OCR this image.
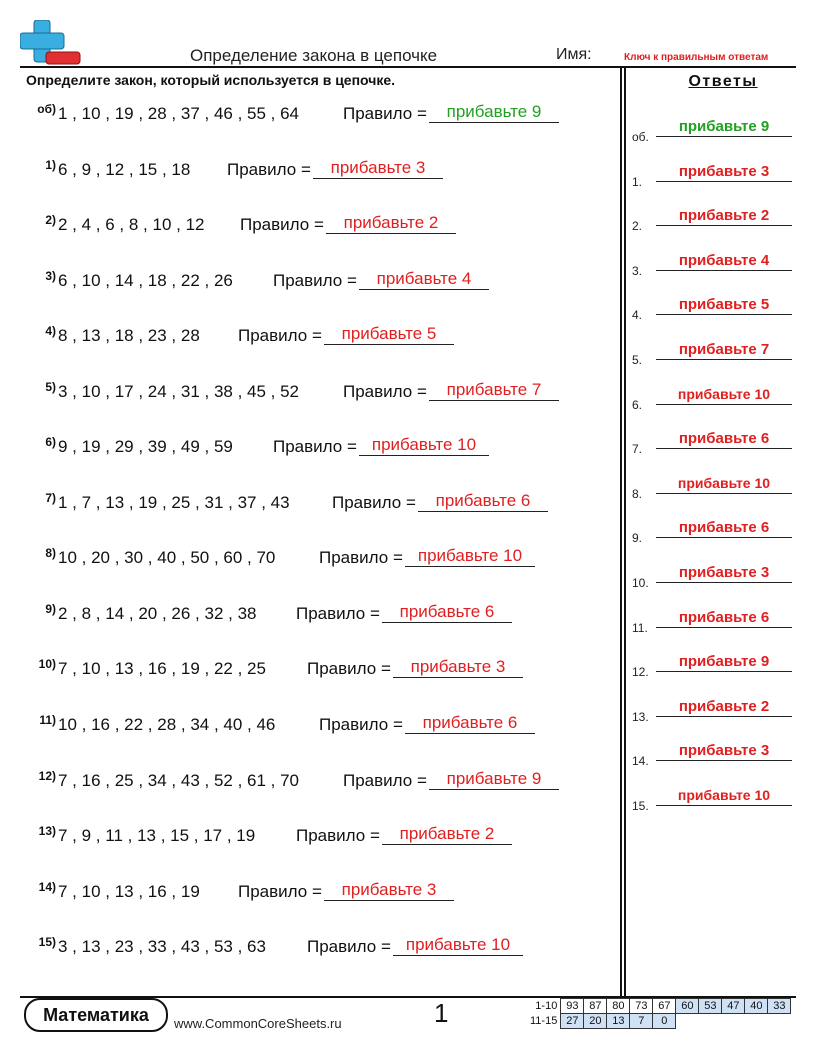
Определение закона в цепочке	Имя:	Ключ к правильным ответам
Определите закон, который используется в цепочке.
об) 1 , 10 , 19 , 28 , 37 , 46 , 55 , 64	Правило =	прибавьте 9
1) 6 , 9 , 12 , 15 , 18 Правило =	прибавьте 3
2) 2 , 4 , 6 , 8 , 10 , 12 Правило =	прибавьте 2
3) 6 , 10 , 14 , 18 , 22 , 26 Правило =	прибавьте 4
4) 8 , 13 , 18 , 23 , 28 Правило =	прибавьте 5
5) 3 , 10 , 17 , 24 , 31 , 38 , 45 , 52	Правило =	прибавьте 7
6) 9 , 19 , 29 , 39 , 49 , 59 Правило = прибавьте 10
7) 1 , 7 , 13 , 19 , 25 , 31 , 37 , 43 Правило =	прибавьте 6
8) 10 , 20 , 30 , 40 , 50 , 60 , 70	Правило = прибавьте 10
9) 2 , 8 , 14 , 20 , 26 , 32 , 38 Правило =	прибавьте 6
10) 7 , 10 , 13 , 16 , 19 , 22 , 25 Правило =	прибавьте 3
11) 10 , 16 , 22 , 28 , 34 , 40 , 46	Правило =	прибавьте 6
12) 7 , 16 , 25 , 34 , 43 , 52 , 61 , 70	Правило =	прибавьте 9
13) 7 , 9 , 11 , 13 , 15 , 17 , 19 Правило =	прибавьте 2
14) 7 , 10 , 13 , 16 , 19 Правило =	прибавьте 3
15) 3 , 13 , 23 , 33 , 43 , 53 , 63 Правило = прибавьте 10
Ответы
об.
прибавьте 9
1.
прибавьте 3
2.
прибавьте 2
3.
прибавьте 4
4.
прибавьте 5
5.
прибавьте 7
6.
прибавьте 10
7.
прибавьте 6
8.
прибавьте 10
9.
прибавьте 6
10.
прибавьте 3
11.
прибавьте 6
12.
прибавьте 9
13.
прибавьте 2
14.
прибавьте 3
15.
прибавьте 10
Математика	www.CommonCoreSheets.ru	1	1-10	93	87	80	73	67	60	53	47	40	33
11-15	27	20	13	7	0					
